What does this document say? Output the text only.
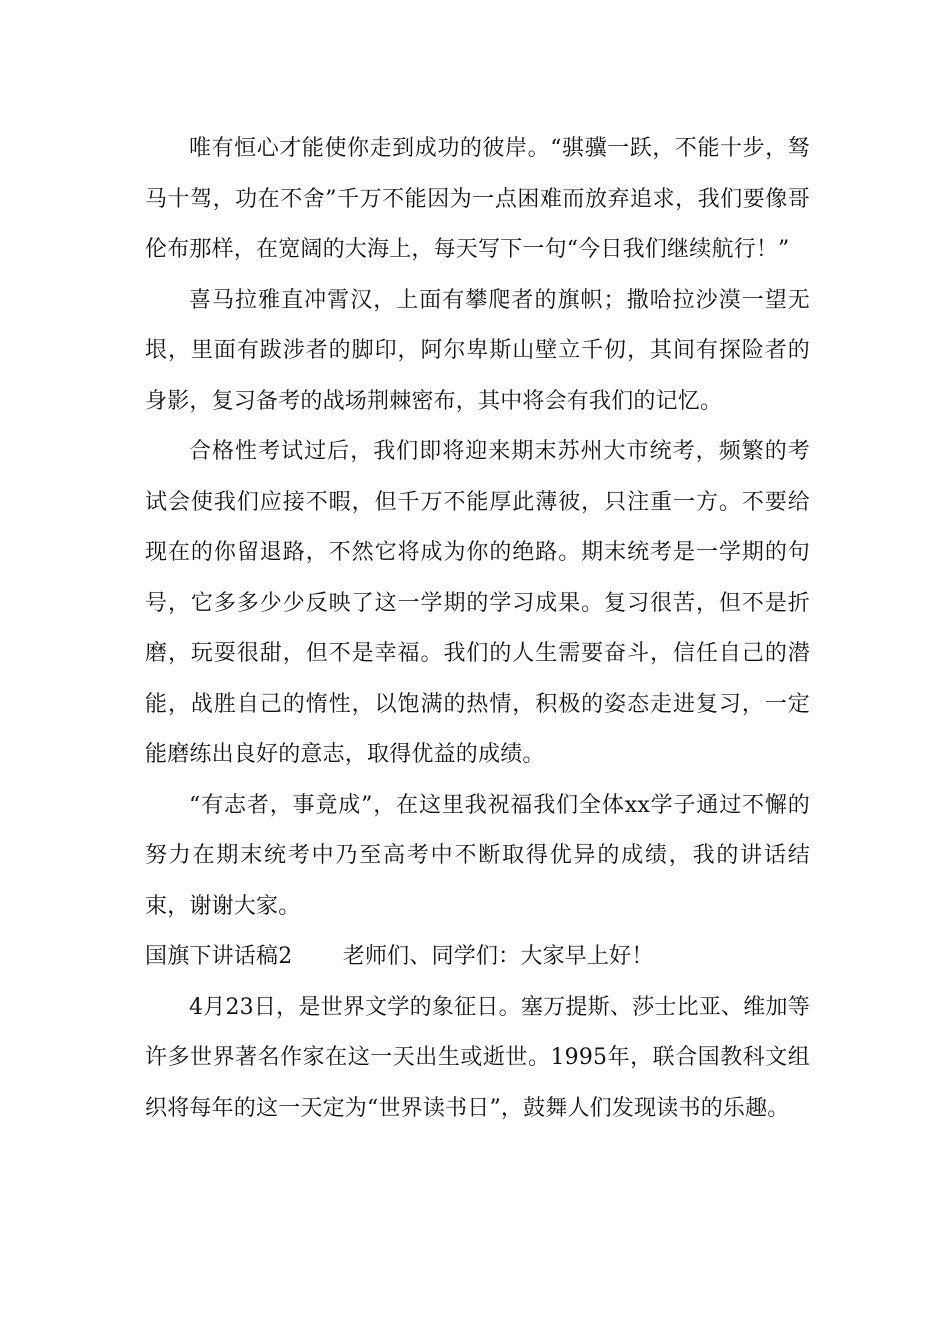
唯有恒心才能使你走到成功的彼岸。“骐骥一跃，不能十步，驽马十驾，功在不舍”千万不能因为一点困难而放弃追求，我们要像哥伦布那样，在宽阔的大海上，每天写下一句“今日我们继续航行！”

喜马拉雅直冲霄汉，上面有攀爬者的旗帜；撒哈拉沙漠一望无垠，里面有跋涉者的脚印，阿尔卑斯山壁立千仞，其间有探险者的身影，复习备考的战场荆棘密布，其中将会有我们的记忆。

合格性考试过后，我们即将迎来期末苏州大市统考，频繁的考试会使我们应接不暇，但千万不能厚此薄彼，只注重一方。不要给现在的你留退路，不然它将成为你的绝路。期末统考是一学期的句号，它多多少少反映了这一学期的学习成果。复习很苦，但不是折磨，玩耍很甜，但不是幸福。我们的人生需要奋斗，信任自己的潜能，战胜自己的惰性，以饱满的热情，积极的姿态走进复习，一定能磨练出良好的意志，取得优益的成绩。

“有志者，事竟成”，在这里我祝福我们全体xx学子通过不懈的努力在期末统考中乃至高考中不断取得优异的成绩，我的讲话结束，谢谢大家。

国旗下讲话稿2 老师们、同学们：大家早上好！

4月23日，是世界文学的象征日。塞万提斯、莎士比亚、维加等许多世界著名作家在这一天出生或逝世。1995年，联合国教科文组织将每年的这一天定为“世界读书日”，鼓舞人们发现读书的乐趣。
